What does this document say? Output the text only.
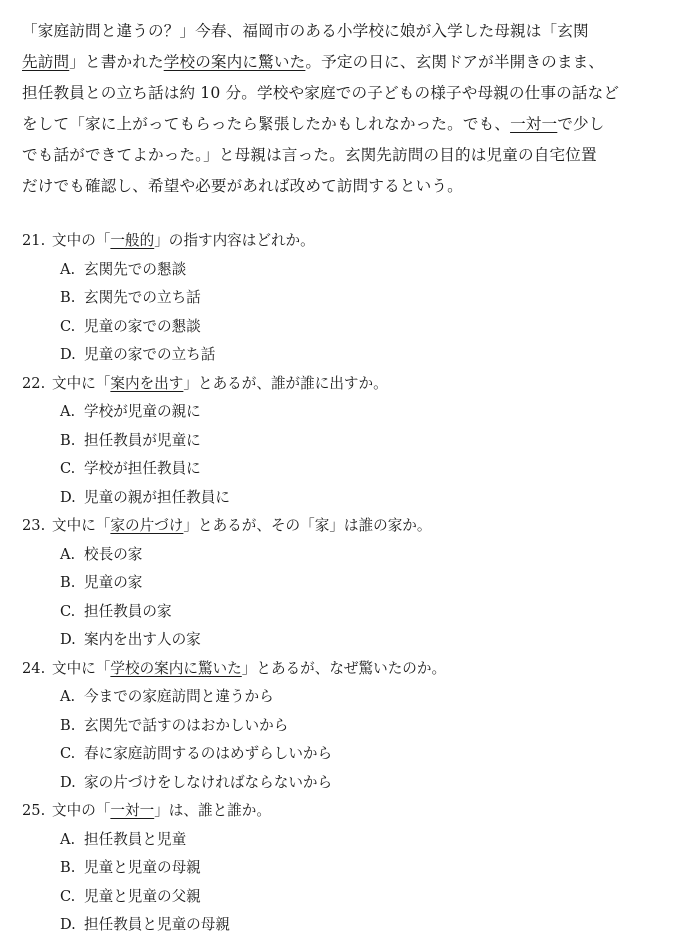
「家庭訪問と違うの？」今春、福岡市のある小学校に娘が入学した母親は「玄関
先訪問」と書かれた学校の案内に驚いた。予定の日に、玄関ドアが半開きのまま、
担任教員との立ち話は約 10 分。学校や家庭での子どもの様子や母親の仕事の話など
をして「家に上がってもらったら緊張したかもしれなかった。でも、一対一で少し
でも話ができてよかった。」と母親は言った。玄関先訪問の目的は児童の自宅位置
だけでも確認し、希望や必要があれば改めて訪問するという。
21. 文中の「一般的」の指す内容はどれか。
A. 玄関先での懇談
B. 玄関先での立ち話
C. 児童の家での懇談
D. 児童の家での立ち話
22. 文中に「案内を出す」とあるが、誰が誰に出すか。
A. 学校が児童の親に
B. 担任教員が児童に
C. 学校が担任教員に
D. 児童の親が担任教員に
23. 文中に「家の片づけ」とあるが、その「家」は誰の家か。
A. 校長の家
B. 児童の家
C. 担任教員の家
D. 案内を出す人の家
24. 文中に「学校の案内に驚いた」とあるが、なぜ驚いたのか。
A. 今までの家庭訪問と違うから
B. 玄関先で話すのはおかしいから
C. 春に家庭訪問するのはめずらしいから
D. 家の片づけをしなければならないから
25. 文中の「一対一」は、誰と誰か。
A. 担任教員と児童
B. 児童と児童の母親
C. 児童と児童の父親
D. 担任教員と児童の母親
